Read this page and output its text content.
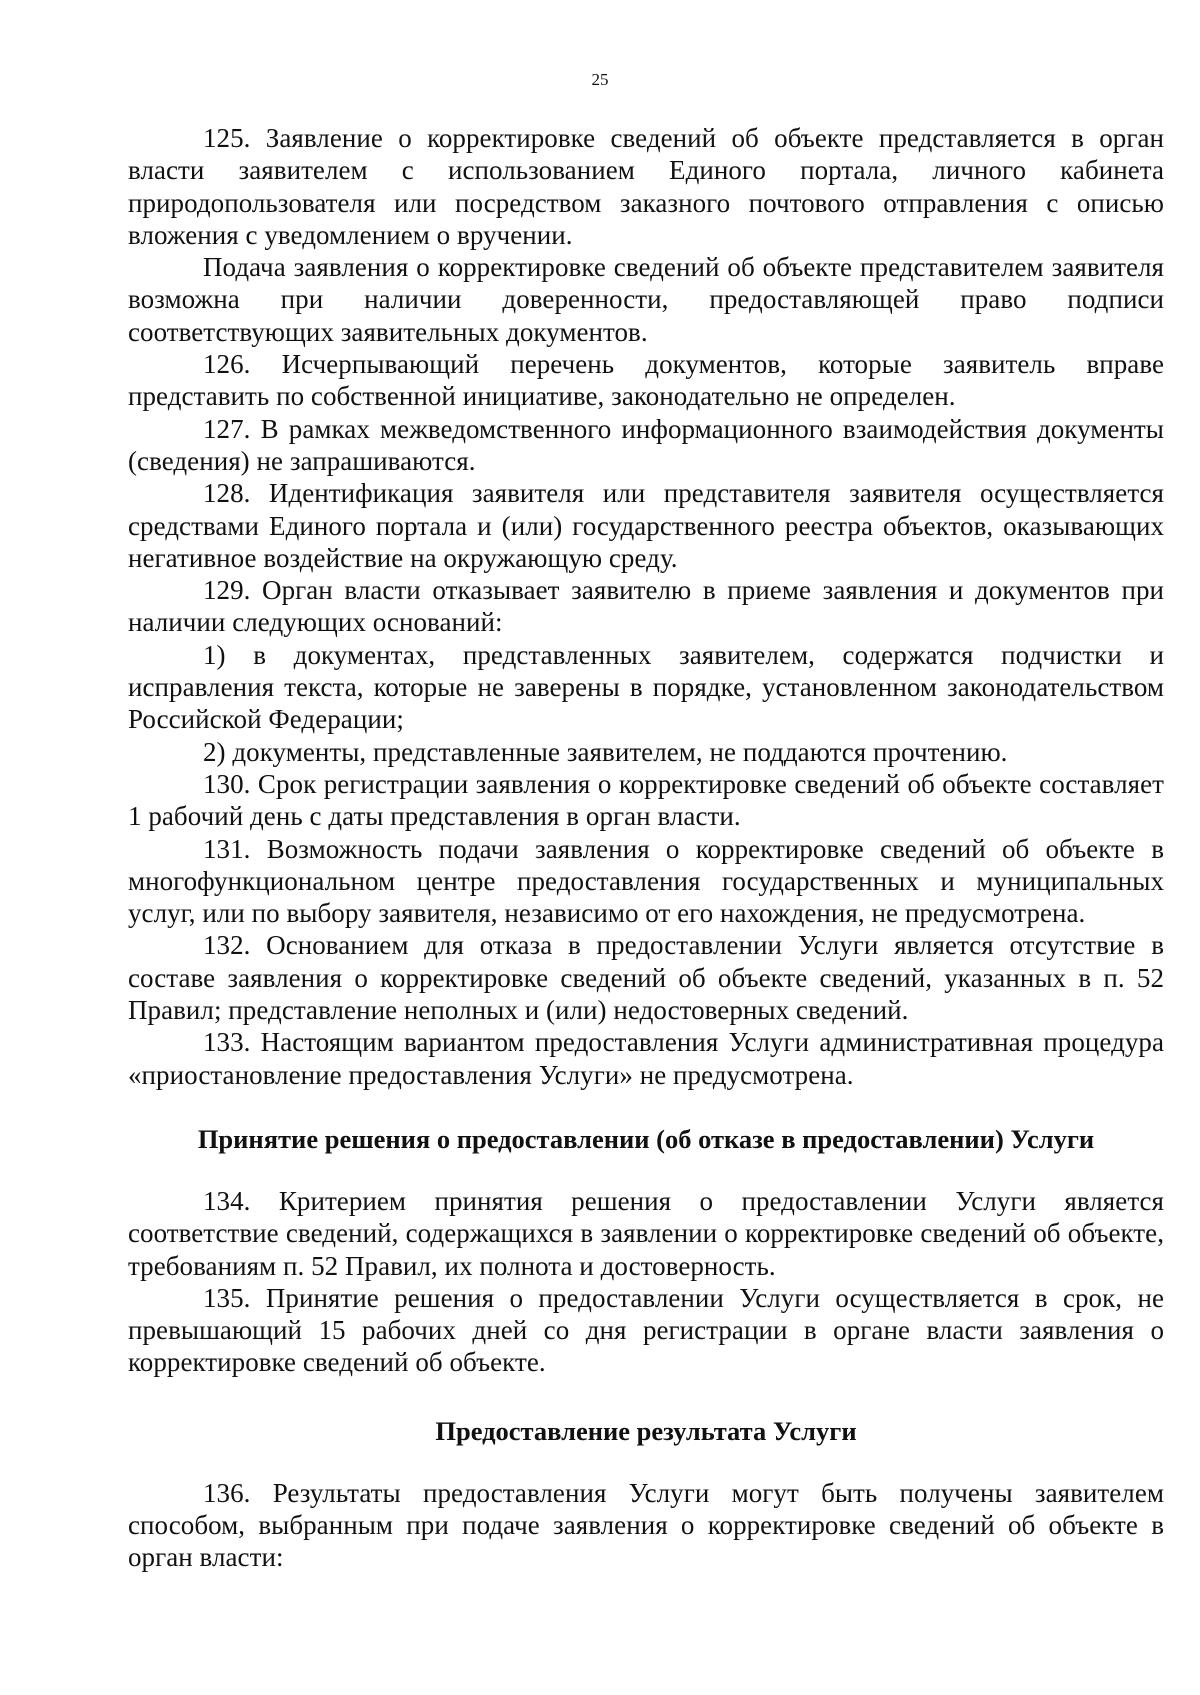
25

125. Заявление о корректировке сведений об объекте представляется в орган власти заявителем с использованием Единого портала, личного кабинета природопользователя или посредством заказного почтового отправления с описью вложения с уведомлением о вручении.

Подача заявления о корректировке сведений об объекте представителем заявителя возможна при наличии доверенности, предоставляющей право подписи соответствующих заявительных документов.

126. Исчерпывающий перечень документов, которые заявитель вправе представить по собственной инициативе, законодательно не определен.

127. В рамках межведомственного информационного взаимодействия документы (сведения) не запрашиваются.

128. Идентификация заявителя или представителя заявителя осуществляется средствами Единого портала и (или) государственного реестра объектов, оказывающих негативное воздействие на окружающую среду.

129. Орган власти отказывает заявителю в приеме заявления и документов при наличии следующих оснований:

1) в документах, представленных заявителем, содержатся подчистки и исправления текста, которые не заверены в порядке, установленном законодательством Российской Федерации;

2) документы, представленные заявителем, не поддаются прочтению.

130. Срок регистрации заявления о корректировке сведений об объекте составляет 1 рабочий день с даты представления в орган власти.

131. Возможность подачи заявления о корректировке сведений об объекте в многофункциональном центре предоставления государственных и муниципальных услуг, или по выбору заявителя, независимо от его нахождения, не предусмотрена.

132. Основанием для отказа в предоставлении Услуги является отсутствие в составе заявления о корректировке сведений об объекте сведений, указанных в п. 52 Правил; представление неполных и (или) недостоверных сведений.

133. Настоящим вариантом предоставления Услуги административная процедура «приостановление предоставления Услуги» не предусмотрена.

Принятие решения о предоставлении (об отказе в предоставлении) Услуги

134. Критерием принятия решения о предоставлении Услуги является соответствие сведений, содержащихся в заявлении о корректировке сведений об объекте, требованиям п. 52 Правил, их полнота и достоверность.

135. Принятие решения о предоставлении Услуги осуществляется в срок, не превышающий 15 рабочих дней со дня регистрации в органе власти заявления о корректировке сведений об объекте.

Предоставление результата Услуги

136. Результаты предоставления Услуги могут быть получены заявителем способом, выбранным при подаче заявления о корректировке сведений об объекте в орган власти:
